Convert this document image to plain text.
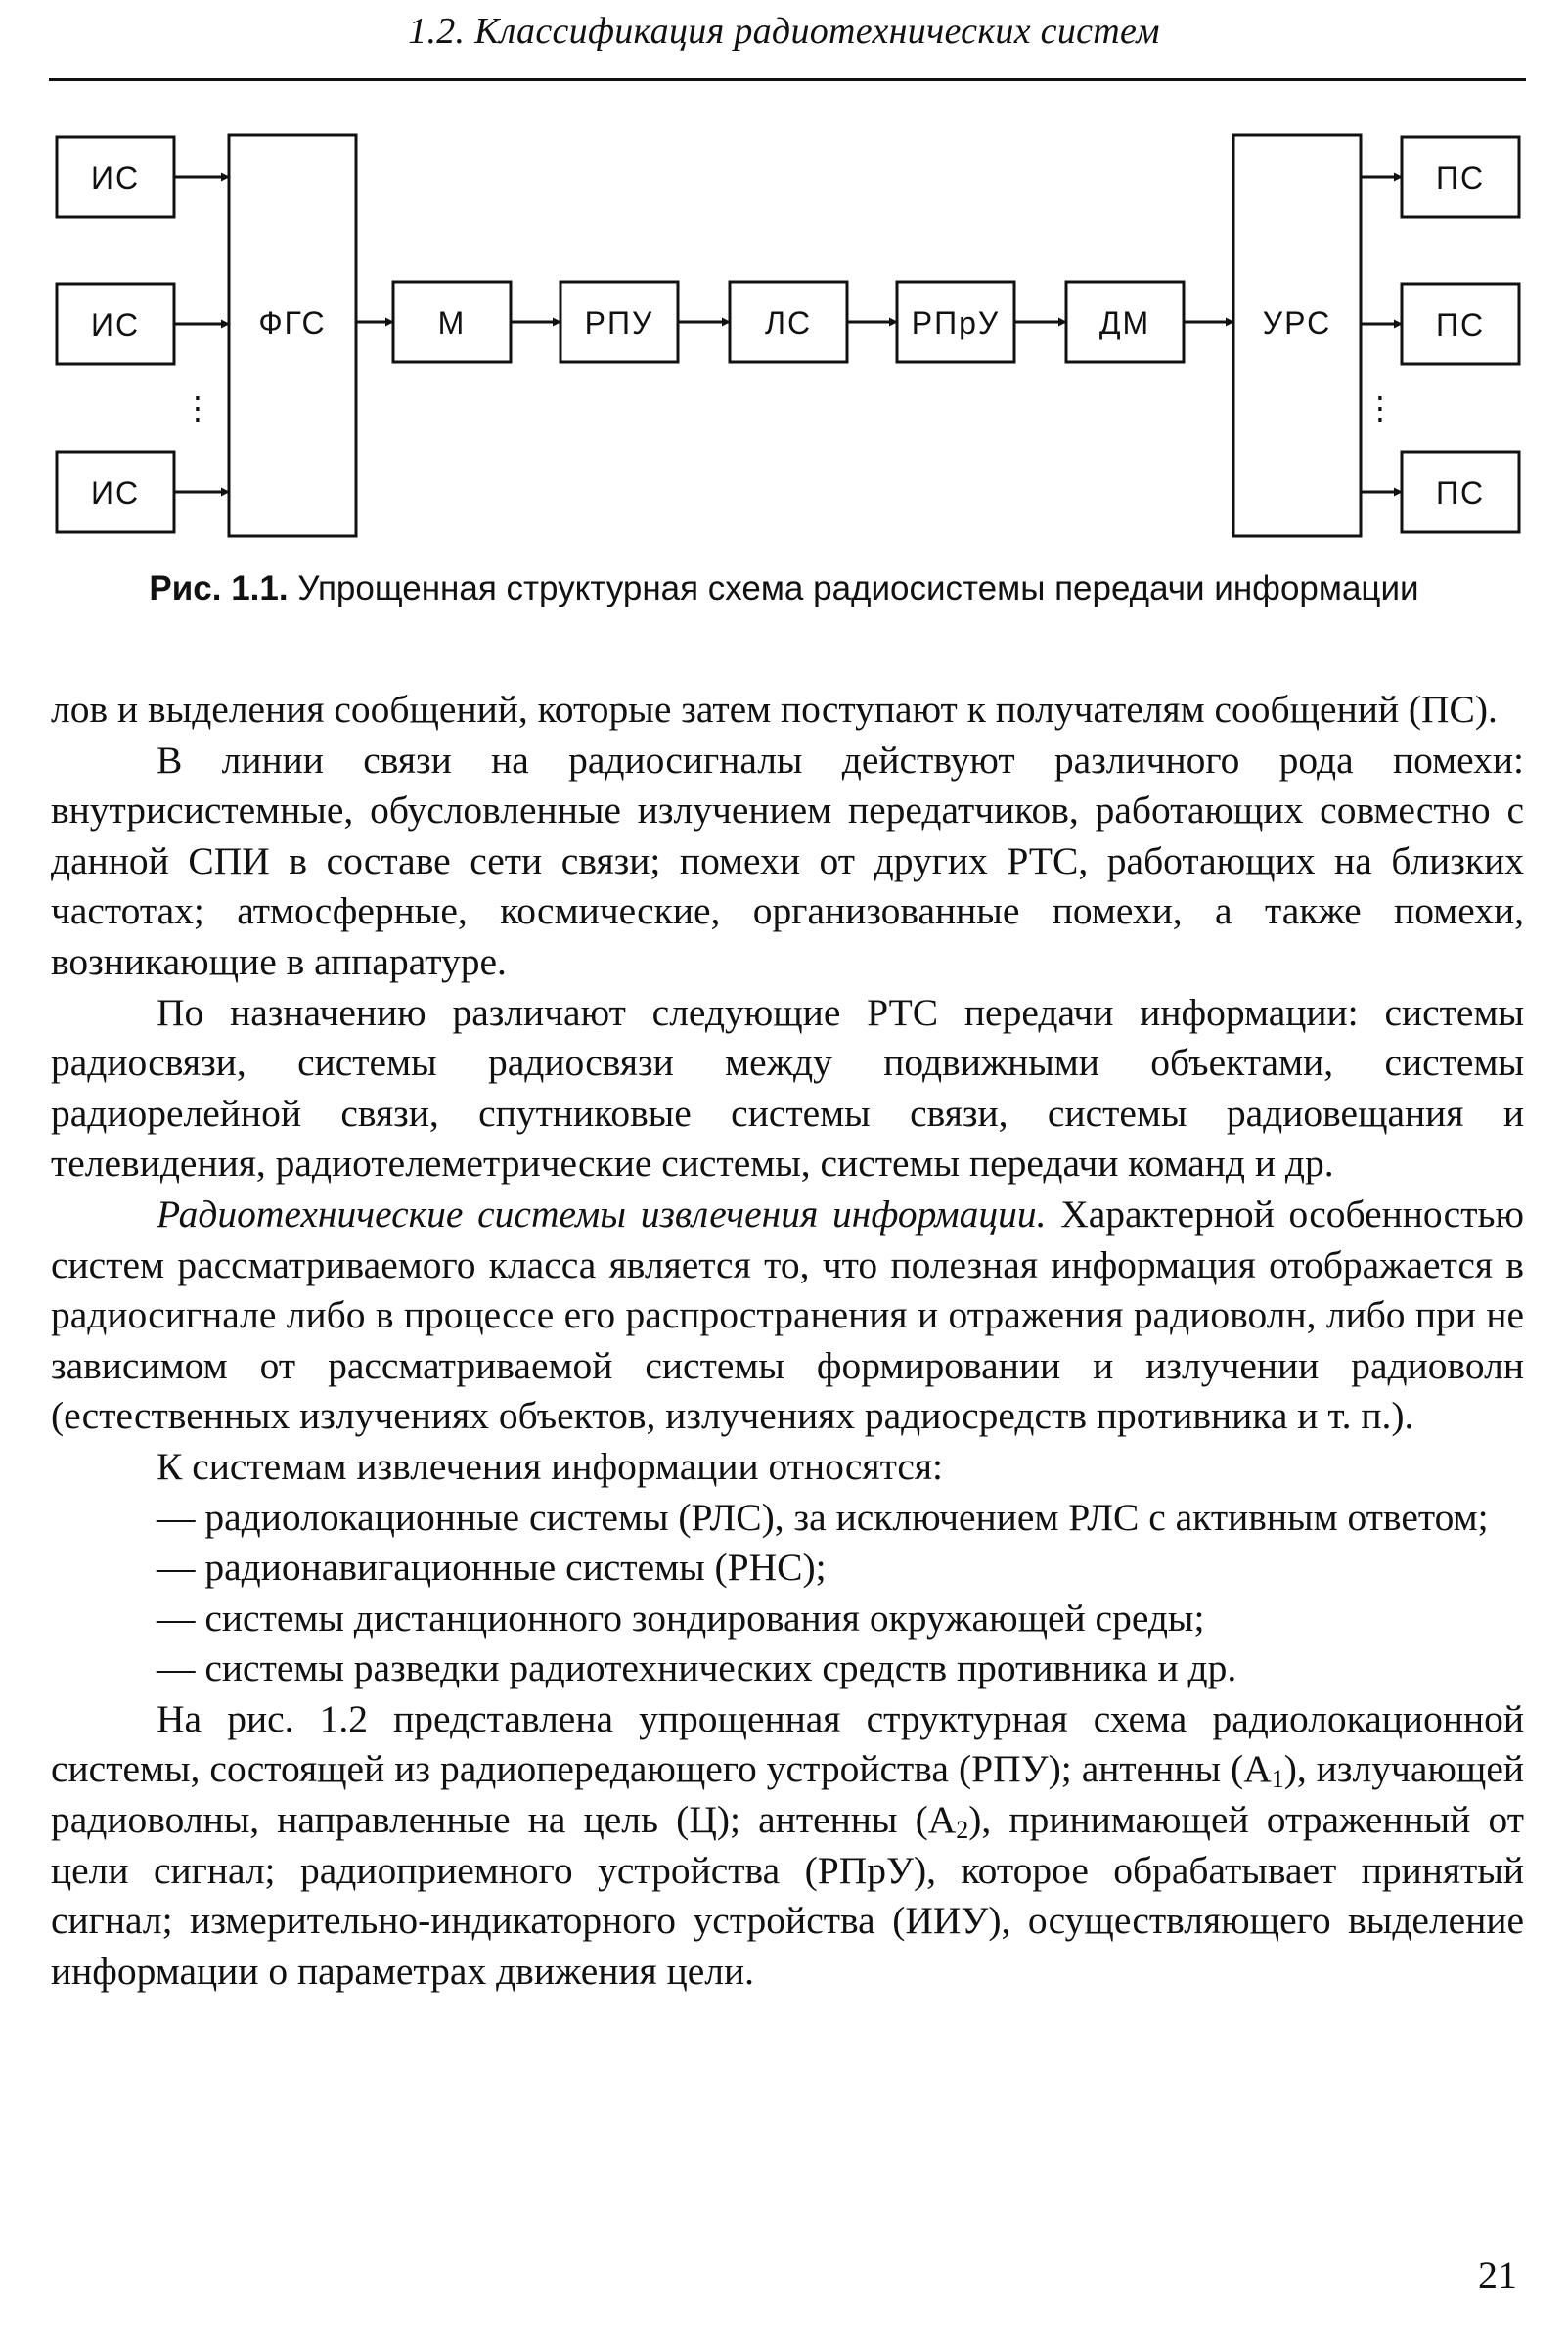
1.2. Классификация радиотехнических систем
ИС
ИС
ИС
ФГС	М	РПУ	ЛС	РПрУ	ДМ	УРС
ПС
ПС
ПС
⋮	⋮
Рис. 1.1. Упрощенная структурная схема радиосистемы передачи информации

лов и выделения сообщений, которые затем поступают к получателям сообщений (ПС).

В линии связи на радиосигналы действуют различного рода помехи: внутрисистемные, обусловленные излучением передатчиков, работающих совместно с данной СПИ в составе сети связи; помехи от других РТС, работающих на близких частотах; атмосферные, космические, организованные помехи, а также помехи, возникающие в аппаратуре.

По назначению различают следующие РТС передачи информации: системы радиосвязи, системы радиосвязи между подвижными объектами, системы радиорелейной связи, спутниковые системы связи, системы радиовещания и телевидения, радиотелеметрические системы, системы передачи команд и др.

Радиотехнические системы извлечения информации. Характерной особенностью систем рассматриваемого класса является то, что полезная информация отображается в радиосигнале либо в процессе его распространения и отражения радиоволн, либо при не зависимом от рассматриваемой системы формировании и излучении радиоволн (естественных излучениях объектов, излучениях радиосредств противника и т. п.).

К системам извлечения информации относятся:

— радиолокационные системы (РЛС), за исключением РЛС с активным ответом;

— радионавигационные системы (РНС);

— системы дистанционного зондирования окружающей среды;

— системы разведки радиотехнических средств противника и др.

На рис. 1.2 представлена упрощенная структурная схема радиолокационной системы, состоящей из радиопередающего устройства (РПУ); антенны $(А_1)$, излучающей радиоволны, направленные на цель (Ц); антенны $(А_2)$, принимающей отраженный от цели сигнал; радиоприемного устройства (РПрУ), которое обрабатывает принятый сигнал; измерительно-индикаторного устройства (ИИУ), осуществляющего выделение информации о параметрах движения цели.

21
